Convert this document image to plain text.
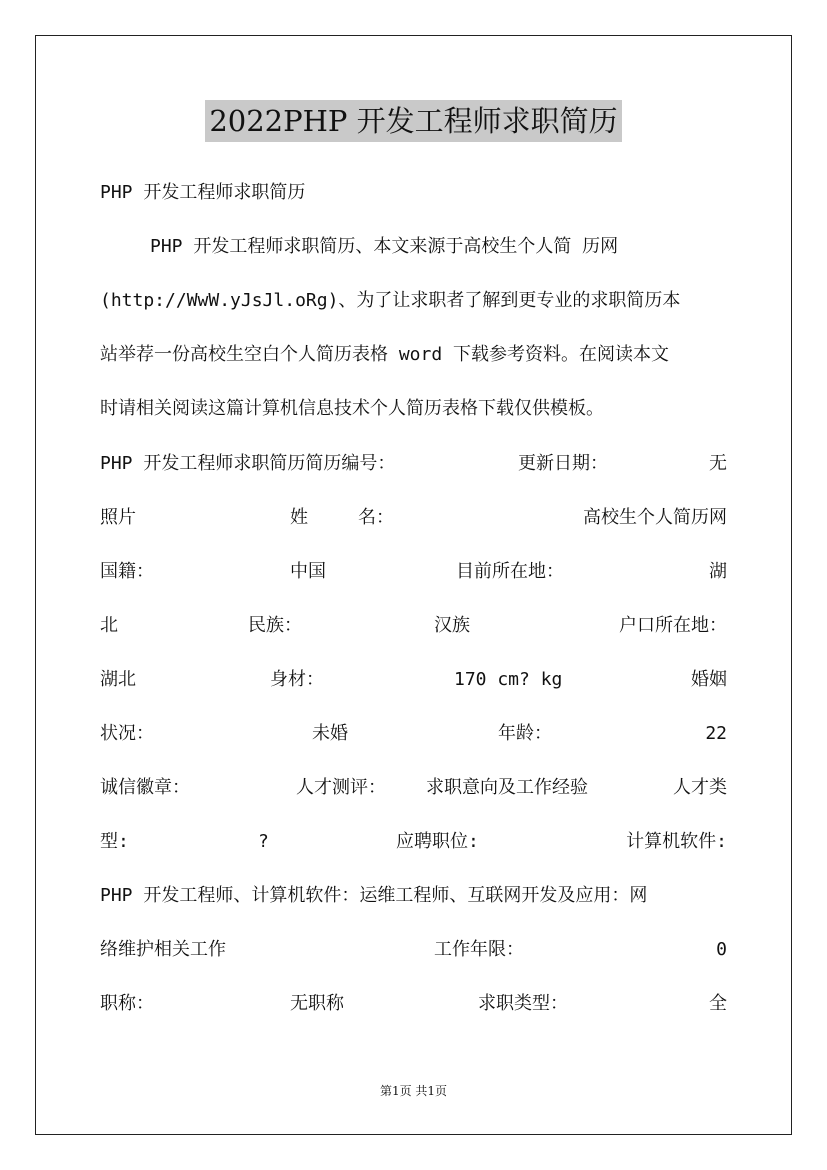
2022PHP 开发工程师求职简历
PHP 开发工程师求职简历
PHP 开发工程师求职简历、本文来源于高校生个人简 历网
(http://WwW.yJsJl.oRg)、为了让求职者了解到更专业的求职简历本
站举荐一份高校生空白个人简历表格 word 下载参考资料。在阅读本文
时请相关阅读这篇计算机信息技术个人简历表格下载仅供模板。
PHP 开发工程师求职简历简历编号：	更新日期：	无
照片	姓	名：	高校生个人简历网
国籍：	中国	目前所在地：	湖
北	民族：	汉族	户口所在地：
湖北	身材：	170 cm? kg	婚姻
状况：	未婚	年龄：	22
诚信徽章：	人才测评： 求职意向及工作经验	人才类
型:	?	应聘职位:	计算机软件:
PHP 开发工程师、计算机软件：运维工程师、互联网开发及应用：网
络维护相关工作	工作年限：	0
职称：	无职称	求职类型：	全
第1页 共1页
